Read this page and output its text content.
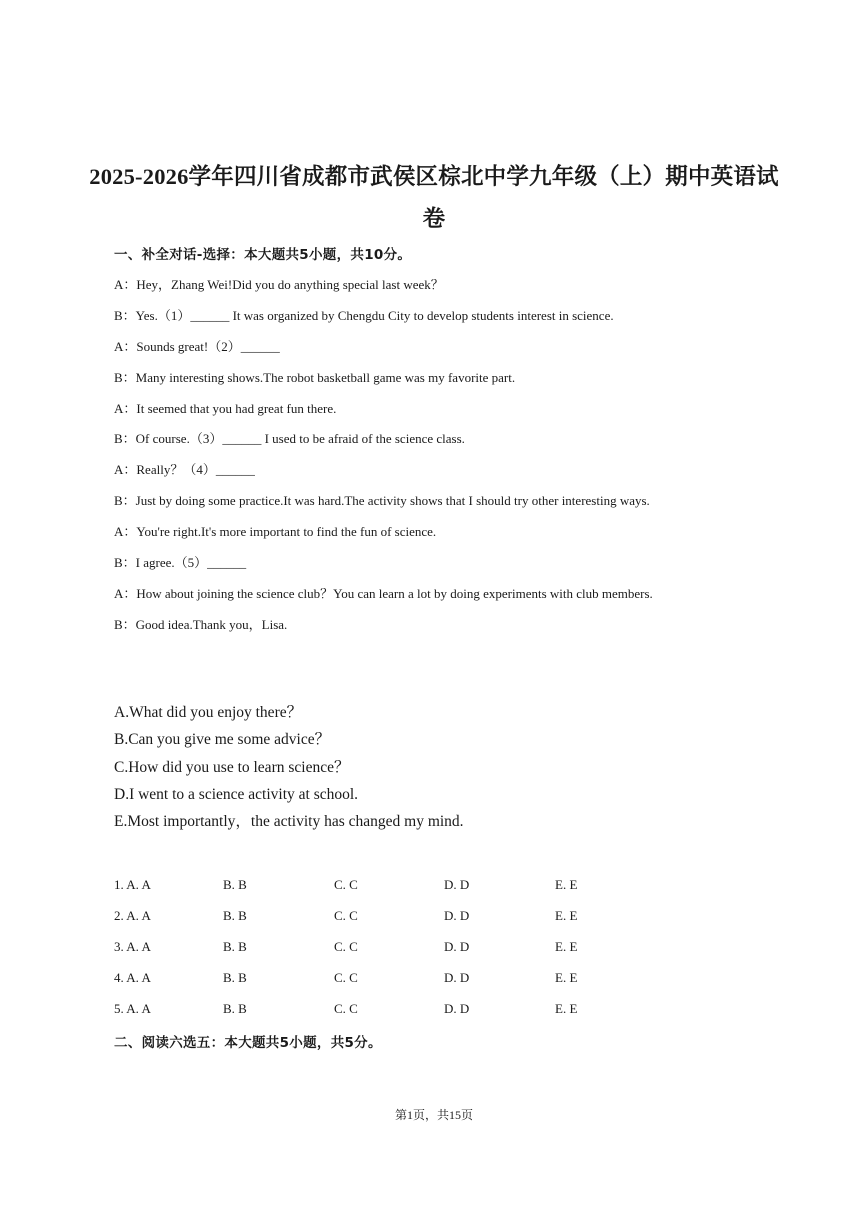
2025-2026学年四川省成都市武侯区棕北中学九年级（上）期中英语试
卷
一、补全对话-选择：本大题共5小题，共10分。
A：Hey，Zhang Wei!Did you do anything special last week？
B：Yes.（1）______ It was organized by Chengdu City to develop students interest in science.
A：Sounds great!（2）______
B：Many interesting shows.The robot basketball game was my favorite part.
A：It seemed that you had great fun there.
B：Of course.（3）______ I used to be afraid of the science class.
A：Really？（4）______
B：Just by doing some practice.It was hard.The activity shows that I should try other interesting ways.
A：You're right.It's more important to find the fun of science.
B：I agree.（5）______
A：How about joining the science club？You can learn a lot by doing experiments with club members.
B：Good idea.Thank you，Lisa.
A.What did you enjoy there？
B.Can you give me some advice？
C.How did you use to learn science？
D.I went to a science activity at school.
E.Most importantly，the activity has changed my mind.
1. A. A	B. B	C. C	D. D	E. E
2. A. A	B. B	C. C	D. D	E. E
3. A. A	B. B	C. C	D. D	E. E
4. A. A	B. B	C. C	D. D	E. E
5. A. A	B. B	C. C	D. D	E. E
二、阅读六选五：本大题共5小题，共5分。
第1页，共15页
